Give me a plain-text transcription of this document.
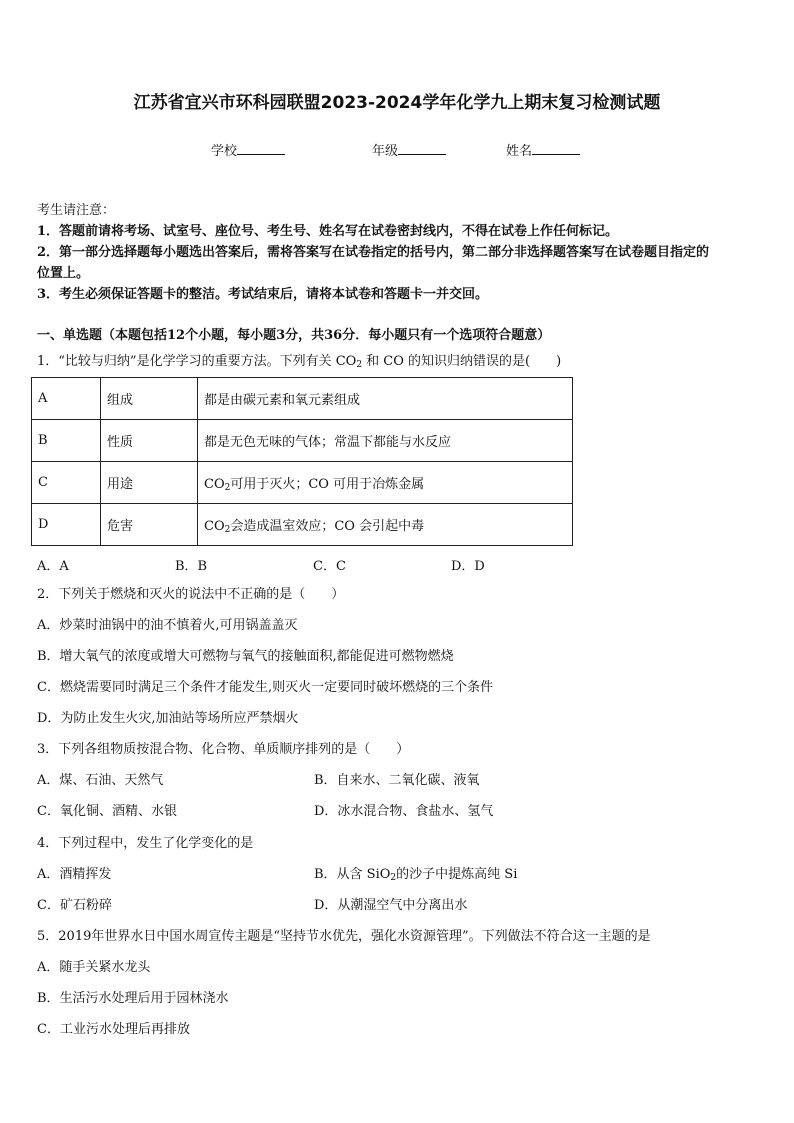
江苏省宜兴市环科园联盟2023-2024学年化学九上期末复习检测试题
学校	年级	姓名
考生请注意：
1．答题前请将考场、试室号、座位号、考生号、姓名写在试卷密封线内，不得在试卷上作任何标记。
2．第一部分选择题每小题选出答案后，需将答案写在试卷指定的括号内，第二部分非选择题答案写在试卷题目指定的
位置上。
3．考生必须保证答题卡的整洁。考试结束后，请将本试卷和答题卡一并交回。
一、单选题（本题包括12个小题，每小题3分，共36分．每小题只有一个选项符合题意）
1．“比较与归纳”是化学学习的重要方法。下列有关 $CO_2$ 和 CO 的知识归纳错误的是(　　)
A	组成	都是由碳元素和氧元素组成
B	性质	都是无色无味的气体；常温下都能与水反应
C	用途	$CO_2$可用于灭火；CO 可用于冶炼金属
D	危害	$CO_2$会造成温室效应；CO 会引起中毒
A．A	B．B	C．C	D．D
2．下列关于燃烧和灭火的说法中不正确的是（　　）
A．炒菜时油锅中的油不慎着火,可用锅盖盖灭
B．增大氧气的浓度或增大可燃物与氧气的接触面积,都能促进可燃物燃烧
C．燃烧需要同时满足三个条件才能发生,则灭火一定要同时破坏燃烧的三个条件
D．为防止发生火灾,加油站等场所应严禁烟火
3．下列各组物质按混合物、化合物、单质顺序排列的是（　　）
A．煤、石油、天然气	B．自来水、二氧化碳、液氧
C．氧化铜、酒精、水银	D．冰水混合物、食盐水、氢气
4．下列过程中，发生了化学变化的是
A．酒精挥发	B．从含 SiO$_2$的沙子中提炼高纯 Si
C．矿石粉碎	D．从潮湿空气中分离出水
5．2019年世界水日中国水周宣传主题是“坚持节水优先，强化水资源管理”。下列做法不符合这一主题的是
A．随手关紧水龙头
B．生活污水处理后用于园林浇水
C．工业污水处理后再排放
